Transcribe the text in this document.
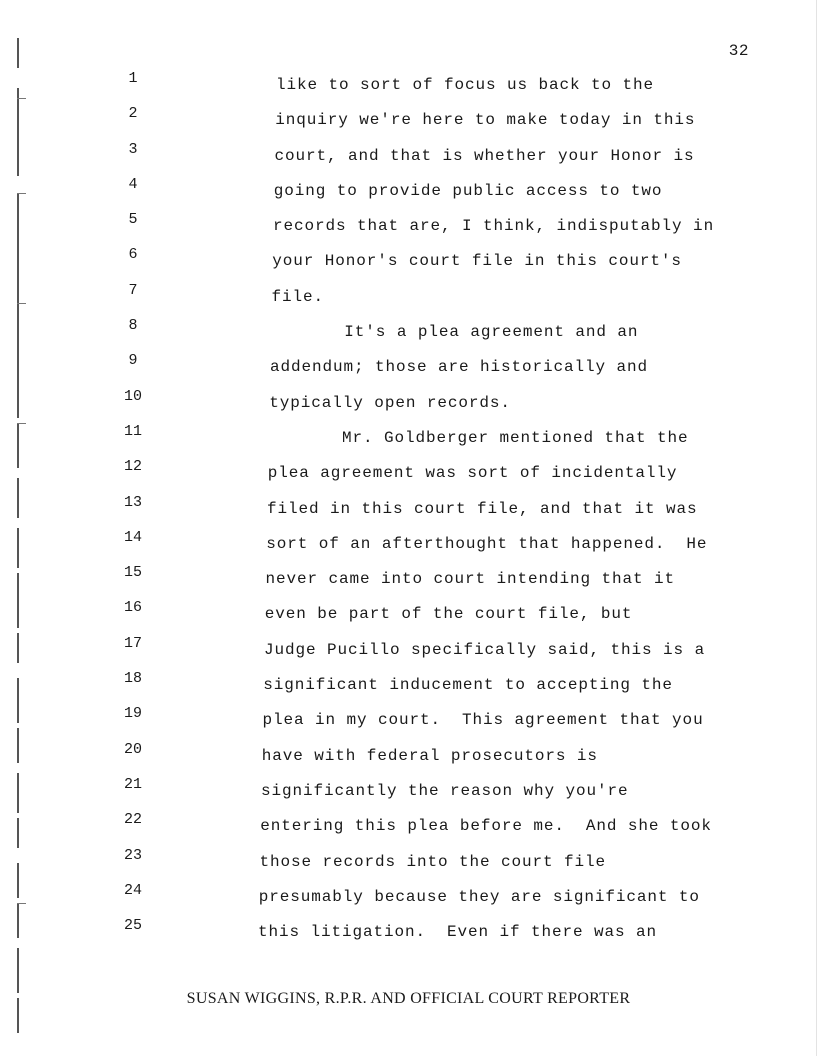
32
1	like to sort of focus us back to the
2	inquiry we're here to make today in this
3	court, and that is whether your Honor is
4	going to provide public access to two
5	records that are, I think, indisputably in
6	your Honor's court file in this court's
7	file.
8	It's a plea agreement and an
9	addendum; those are historically and
10	typically open records.
11	Mr. Goldberger mentioned that the
12	plea agreement was sort of incidentally
13	filed in this court file, and that it was
14	sort of an afterthought that happened.  He
15	never came into court intending that it
16	even be part of the court file, but
17	Judge Pucillo specifically said, this is a
18	significant inducement to accepting the
19	plea in my court.  This agreement that you
20	have with federal prosecutors is
21	significantly the reason why you're
22	entering this plea before me.  And she took
23	those records into the court file
24	presumably because they are significant to
25	this litigation.  Even if there was an
SUSAN WIGGINS, R.P.R. AND OFFICIAL COURT REPORTER
